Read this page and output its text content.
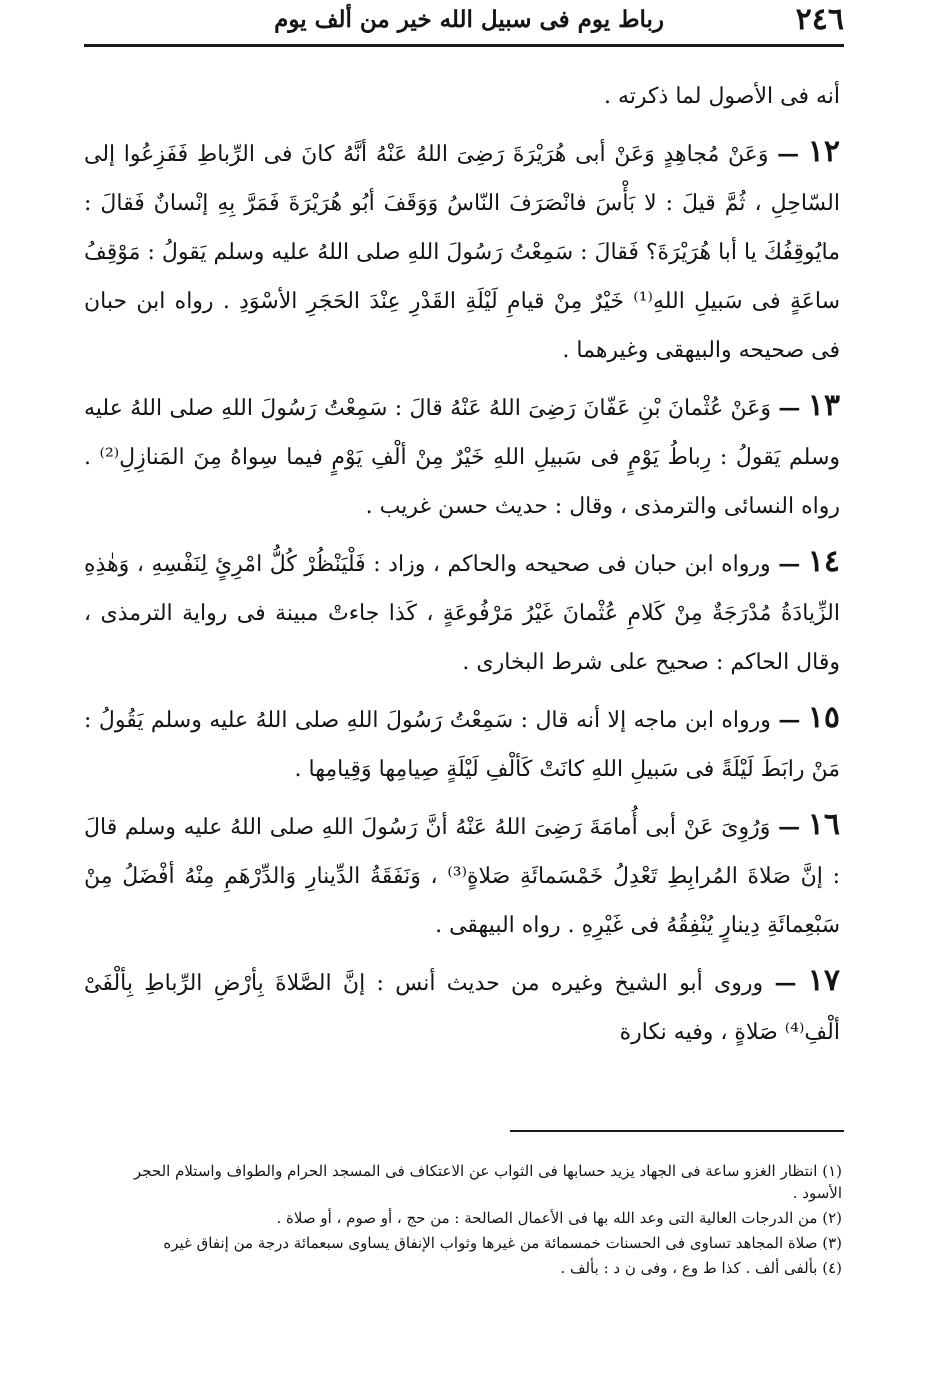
٢٤٦
رباط يوم فى سبيل الله خير من ألف يوم

أنه فى الأصول لما ذكرته .

١٢ — وَعَنْ مُجاهِدٍ وَعَنْ أبى هُرَيْرَةَ رَضِىَ اللهُ عَنْهُ أنَّهُ كانَ فى الرِّباطِ فَفَزِعُوا إلى السّاحِلِ ، ثُمَّ قيلَ : لا بَأْسَ فانْصَرَفَ النّاسُ وَوَقَفَ أبُو هُرَيْرَةَ فَمَرَّ بِهِ إنْسانٌ فَقالَ : مايُوقِفُكَ يا أبا هُرَيْرَةَ؟ فَقالَ : سَمِعْتُ رَسُولَ اللهِ صلى اللهُ عليه وسلم يَقولُ : مَوْقِفُ ساعَةٍ فى سَبيلِ اللهِ⁽¹⁾ خَيْرٌ مِنْ قيامِ لَيْلَةِ القَدْرِ عِنْدَ الحَجَرِ الأسْوَدِ . رواه ابن حبان فى صحيحه والبيهقى وغيرهما .

١٣ — وَعَنْ عُثْمانَ بْنِ عَفّانَ رَضِىَ اللهُ عَنْهُ قالَ : سَمِعْتُ رَسُولَ اللهِ صلى اللهُ عليه وسلم يَقولُ : رِباطُ يَوْمٍ فى سَبيلِ اللهِ خَيْرٌ مِنْ ألْفِ يَوْمٍ فيما سِواهُ مِنَ المَنازِلِ⁽²⁾ . رواه النسائى والترمذى ، وقال : حديث حسن غريب .

١٤ — ورواه ابن حبان فى صحيحه والحاكم ، وزاد : فَلْيَنْظُرْ كُلُّ امْرِئٍ لِنَفْسِهِ ، وَهٰذِهِ الزِّيادَةُ مُدْرَجَةٌ مِنْ كَلامِ عُثْمانَ غَيْرُ مَرْفُوعَةٍ ، كَذا جاءتْ مبينة فى رواية الترمذى ، وقال الحاكم : صحيح على شرط البخارى .

١٥ — ورواه ابن ماجه إلا أنه قال : سَمِعْتُ رَسُولَ اللهِ صلى اللهُ عليه وسلم يَقُولُ : مَنْ رابَطَ لَيْلَةً فى سَبيلِ اللهِ كانَتْ كَألْفِ لَيْلَةٍ صِيامِها وَقِيامِها .

١٦ — وَرُوِىَ عَنْ أبى أُمامَةَ رَضِىَ اللهُ عَنْهُ أنَّ رَسُولَ اللهِ صلى اللهُ عليه وسلم قالَ : إنَّ صَلاةَ المُرابِطِ تَعْدِلُ خَمْسَمائَةِ صَلاةٍ⁽³⁾ ، وَنَفَقَةُ الدِّينارِ وَالدِّرْهَمِ مِنْهُ أفْضَلُ مِنْ سَبْعِمائَةِ دِينارٍ يُنْفِقُهُ فى غَيْرِهِ . رواه البيهقى .

١٧ — وروى أبو الشيخ وغيره من حديث أنس : إنَّ الصَّلاةَ بِأرْضِ الرِّباطِ بِألْفَىْ ألْفِ⁽⁴⁾ صَلاةٍ ، وفيه نكارة

(١) انتظار الغزو ساعة فى الجهاد يزيد حسابها فى الثواب عن الاعتكاف فى المسجد الحرام والطواف واستلام الحجر الأسود .

(٢) من الدرجات العالية التى وعد الله بها فى الأعمال الصالحة : من حج ، أو صوم ، أو صلاة .

(٣) صلاة المجاهد تساوى فى الحسنات خمسمائة من غيرها وثواب الإنفاق يساوى سبعمائة درجة من إنفاق غيره

(٤) بألفى ألف . كذا ط وع ، وفى ن د : بألف .
